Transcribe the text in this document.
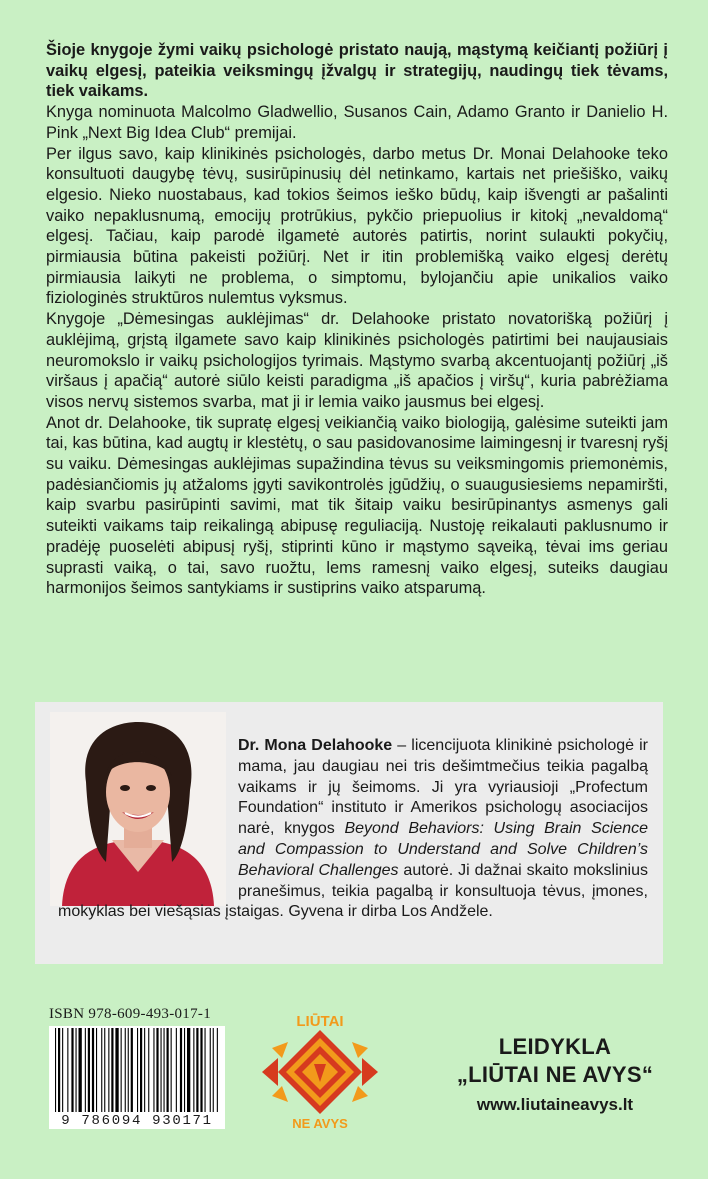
Šioje knygoje žymi vaikų psichologė pristato naują, mąstymą keičiantį požiūrį į vaikų elgesį, pateikia veiksmingų įžvalgų ir strategijų, naudingų tiek tėvams, tiek vaikams.

Knyga nominuota Malcolmo Gladwellio, Susanos Cain, Adamo Granto ir Danielio H. Pink „Next Big Idea Club“ premijai.

Per ilgus savo, kaip klinikinės psichologės, darbo metus Dr. Monai Delahooke teko konsultuoti daugybę tėvų, susirūpinusių dėl netinkamo, kartais net priešiško, vaikų elgesio. Nieko nuostabaus, kad tokios šeimos ieško būdų, kaip išvengti ar pašalinti vaiko nepaklusnumą, emocijų protrūkius, pykčio priepuolius ir kitokį „nevaldomą“ elgesį. Tačiau, kaip parodė ilgametė autorės patirtis, norint sulaukti pokyčių, pirmiausia būtina pakeisti požiūrį. Net ir itin problemišką vaiko elgesį derėtų pirmiausia laikyti ne problema, o simptomu, bylojančiu apie unikalios vaiko fiziologinės struktūros nulemtus vyksmus.

Knygoje „Dėmesingas auklėjimas“ dr. Delahooke pristato novatorišką požiūrį į auklėjimą, grįstą ilgamete savo kaip klinikinės psichologės patirtimi bei naujausiais neuromokslo ir vaikų psichologijos tyrimais. Mąstymo svarbą akcentuojantį požiūrį „iš viršaus į apačią“ autorė siūlo keisti paradigma „iš apačios į viršų“, kuria pabrėžiama visos nervų sistemos svarba, mat ji ir lemia vaiko jausmus bei elgesį.

Anot dr. Delahooke, tik supratę elgesį veikiančią vaiko biologiją, galėsime suteikti jam tai, kas būtina, kad augtų ir klestėtų, o sau pasidovanosime laimingesnį ir tvaresnį ryšį su vaiku. Dėmesingas auklėjimas supažindina tėvus su veiksmingomis priemonėmis, padėsiančiomis jų atžaloms įgyti savikontrolės įgūdžių, o suaugusiesiems nepamiršti, kaip svarbu pasirūpinti savimi, mat tik šitaip vaiku besirūpinantys asmenys gali suteikti vaikams taip reikalingą abipusę reguliaciją. Nustoję reikalauti paklusnumo ir pradėję puoselėti abipusį ryšį, stiprinti kūno ir mąstymo sąveiką, tėvai ims geriau suprasti vaiką, o tai, savo ruožtu, lems ramesnį vaiko elgesį, suteiks daugiau harmonijos šeimos santykiams ir sustiprins vaiko atsparumą.

Dr. Mona Delahooke – licencijuota klinikinė psichologė ir mama, jau daugiau nei tris dešimtmečius teikia pagalbą vaikams ir jų šeimoms. Ji yra vyriausioji „Profectum Foundation“ instituto ir Amerikos psichologų asociacijos narė, knygos Beyond Behaviors: Using Brain Science and Compassion to Understand and Solve Children’s Behavioral Challenges autorė. Ji dažnai skaito mokslinius pranešimus, teikia pagalbą ir konsultuoja tėvus, įmones, mokyklas bei viešąsias įstaigas. Gyvena ir dirba Los Andžele.
ISBN 978-609-493-017-1
9 786094 930171
LIŪTAI
NE AVYS
LEIDYKLA
„LIŪTAI NE AVYS“
www.liutaineavys.lt
